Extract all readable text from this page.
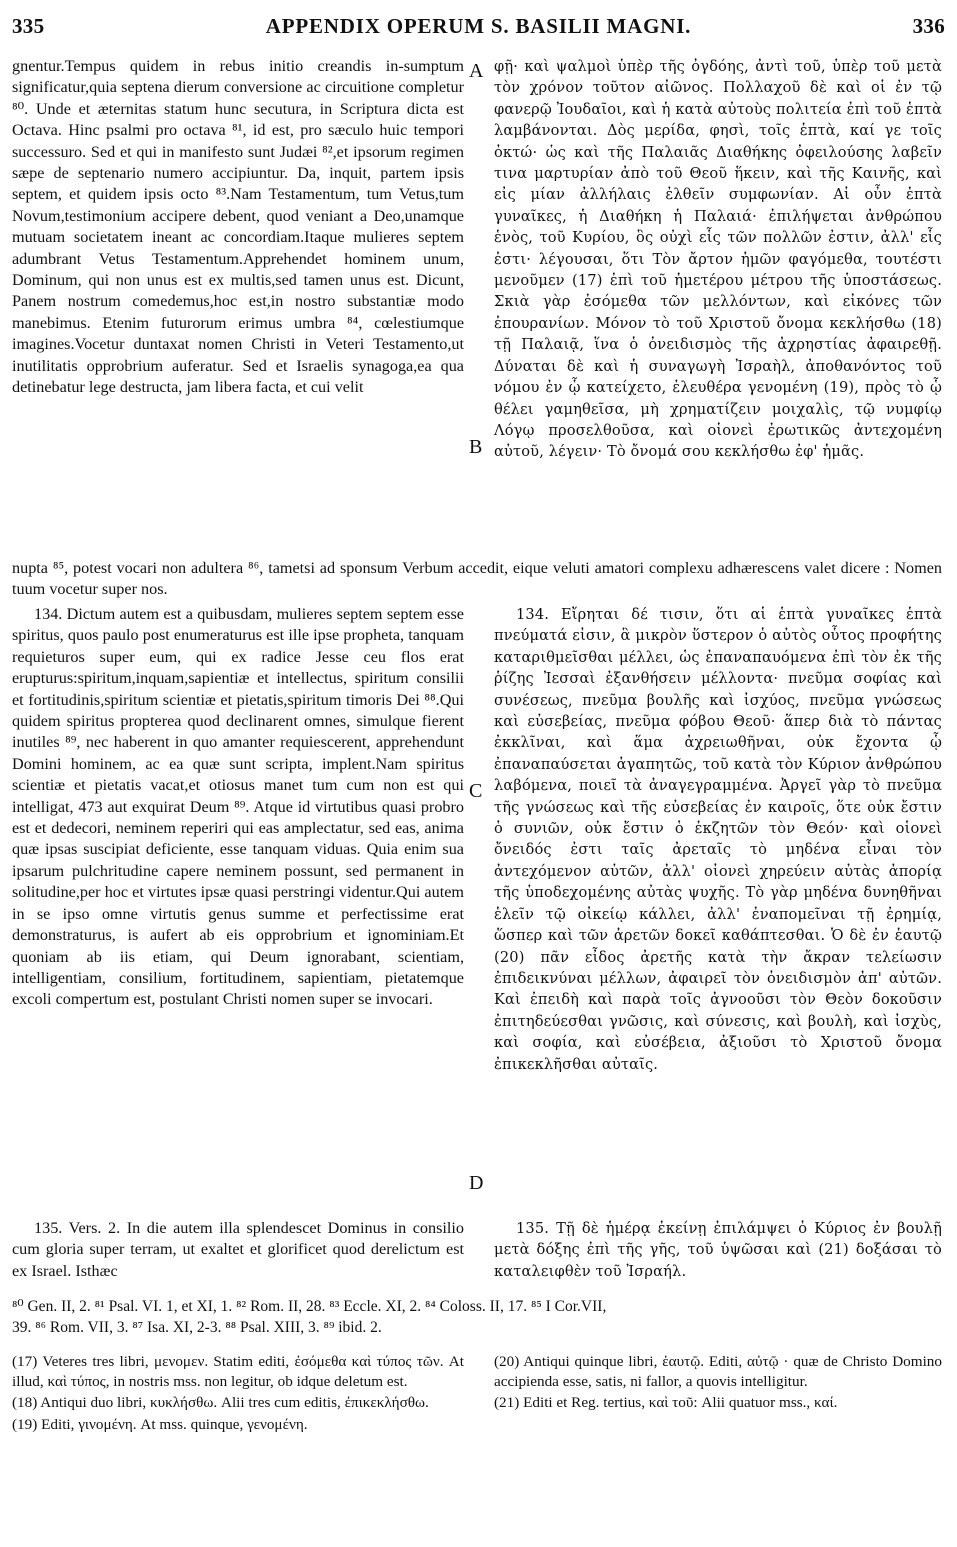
335	APPENDIX OPERUM S. BASILII MAGNI.	336
A
B
C
D

gnentur.Tempus quidem in rebus initio creandis in-sumptum significatur,quia septena dierum conversione ac circuitione completur ⁸⁰. Unde et æternitas statum hunc secutura, in Scriptura dicta est Octava. Hinc psalmi pro octava ⁸¹, id est, pro sæculo huic tempori successuro. Sed et qui in manifesto sunt Judæi ⁸²,et ipsorum regimen sæpe de septenario numero accipiuntur. Da, inquit, partem ipsis septem, et quidem ipsis octo ⁸³.Nam Testamentum, tum Vetus,tum Novum,testimonium accipere debent, quod veniant a Deo,unamque mutuam societatem ineant ac concordiam.Itaque mulieres septem adumbrant Vetus Testamentum.Apprehendet hominem unum, Dominum, qui non unus est ex multis,sed tamen unus est. Dicunt, Panem nostrum comedemus,hoc est,in nostro substantiæ modo manebimus. Etenim futurorum erimus umbra ⁸⁴, cœlestiumque imagines.Vocetur duntaxat nomen Christi in Veteri Testamento,ut inutilitatis opprobrium auferatur. Sed et Israelis synagoga,ea qua detinebatur lege destructa, jam libera facta, et cui velit

φῇ· καὶ ψαλμοὶ ὑπὲρ τῆς ὀγδόης, ἀντὶ τοῦ, ὑπὲρ τοῦ μετὰ τὸν χρόνον τοῦτον αἰῶνος. Πολλαχοῦ δὲ καὶ οἱ ἐν τῷ φανερῷ Ἰουδαῖοι, καὶ ἡ κατὰ αὐτοὺς πολιτεία ἐπὶ τοῦ ἑπτὰ λαμβάνονται. Δὸς μερίδα, φησὶ, τοῖς ἑπτὰ, καί γε τοῖς ὀκτώ· ὡς καὶ τῆς Παλαιᾶς Διαθήκης ὀφειλούσης λαβεῖν τινα μαρτυρίαν ἀπὸ τοῦ Θεοῦ ἥκειν, καὶ τῆς Καινῆς, καὶ εἰς μίαν ἀλλήλαις ἐλθεῖν συμφωνίαν. Αἱ οὖν ἑπτὰ γυναῖκες, ἡ Διαθήκη ἡ Παλαιά· ἐπιλήψεται ἀνθρώπου ἑνὸς, τοῦ Κυρίου, ὃς οὐχὶ εἷς τῶν πολλῶν ἐστιν, ἀλλ' εἷς ἐστι· λέγουσαι, ὅτι Τὸν ἄρτον ἡμῶν φαγόμεθα, τουτέστι μενοῦμεν (17) ἐπὶ τοῦ ἡμετέρου μέτρου τῆς ὑποστάσεως. Σκιὰ γὰρ ἐσόμεθα τῶν μελλόντων, καὶ εἰκόνες τῶν ἐπουρανίων. Μόνον τὸ τοῦ Χριστοῦ ὄνομα κεκλήσθω (18) τῇ Παλαιᾷ, ἵνα ὁ ὀνειδισμὸς τῆς ἀχρηστίας ἀφαιρεθῇ. Δύναται δὲ καὶ ἡ συναγωγὴ Ἰσραὴλ, ἀποθανόντος τοῦ νόμου ἐν ᾧ κατείχετο, ἐλευθέρα γενομένη (19), πρὸς τὸ ᾧ θέλει γαμηθεῖσα, μὴ χρηματίζειν μοιχαλὶς, τῷ νυμφίῳ Λόγῳ προσελθοῦσα, καὶ οἱονεὶ ἐρωτικῶς ἀντεχομένη αὐτοῦ, λέγειν· Τὸ ὄνομά σου κεκλήσθω ἐφ' ἡμᾶς.

nupta ⁸⁵, potest vocari non adultera ⁸⁶, tametsi ad sponsum Verbum accedit, eique veluti amatori complexu adhærescens valet dicere : Nomen tuum vocetur super nos.

134. Dictum autem est a quibusdam, mulieres septem septem esse spiritus, quos paulo post enumeraturus est ille ipse propheta, tanquam requieturos super eum, qui ex radice Jesse ceu flos erat erupturus:spiritum,inquam,sapientiæ et intellectus, spiritum consilii et fortitudinis,spiritum scientiæ et pietatis,spiritum timoris Dei ⁸⁸.Qui quidem spiritus propterea quod declinarent omnes, simulque fierent inutiles ⁸⁹, nec haberent in quo amanter requiescerent, apprehendunt Domini hominem, ac ea quæ sunt scripta, implent.Nam spiritus scientiæ et pietatis vacat,et otiosus manet tum cum non est qui intelligat, 473 aut exquirat Deum ⁸⁹. Atque id virtutibus quasi probro est et dedecori, neminem reperiri qui eas amplectatur, sed eas, anima quæ ipsas suscipiat deficiente, esse tanquam viduas. Quia enim sua ipsarum pulchritudine capere neminem possunt, sed permanent in solitudine,per hoc et virtutes ipsæ quasi perstringi videntur.Qui autem in se ipso omne virtutis genus summe et perfectissime erat demonstraturus, is aufert ab eis opprobrium et ignominiam.Et quoniam ab iis etiam, qui Deum ignorabant, scientiam, intelligentiam, consilium, fortitudinem, sapientiam, pietatemque excoli compertum est, postulant Christi nomen super se invocari.

134. Εἴρηται δέ τισιν, ὅτι αἱ ἑπτὰ γυναῖκες ἑπτὰ πνεύματά εἰσιν, ἃ μικρὸν ὕστερον ὁ αὐτὸς οὗτος προφήτης καταριθμεῖσθαι μέλλει, ὡς ἐπαναπαυόμενα ἐπὶ τὸν ἐκ τῆς ῥίζης Ἰεσσαὶ ἐξανθήσειν μέλλοντα· πνεῦμα σοφίας καὶ συνέσεως, πνεῦμα βουλῆς καὶ ἰσχύος, πνεῦμα γνώσεως καὶ εὐσεβείας, πνεῦμα φόβου Θεοῦ· ἅπερ διὰ τὸ πάντας ἐκκλῖναι, καὶ ἅμα ἀχρειωθῆναι, οὐκ ἔχοντα ᾧ ἐπαναπαύσεται ἀγαπητῶς, τοῦ κατὰ τὸν Κύριον ἀνθρώπου λαβόμενα, ποιεῖ τὰ ἀναγεγραμμένα. Ἀργεῖ γὰρ τὸ πνεῦμα τῆς γνώσεως καὶ τῆς εὐσεβείας ἐν καιροῖς, ὅτε οὐκ ἔστιν ὁ συνιῶν, οὐκ ἔστιν ὁ ἐκζητῶν τὸν Θεόν· καὶ οἱονεὶ ὄνειδός ἐστι ταῖς ἀρεταῖς τὸ μηδένα εἶναι τὸν ἀντεχόμενον αὐτῶν, ἀλλ' οἱονεὶ χηρεύειν αὐτὰς ἀπορίᾳ τῆς ὑποδεχομένης αὐτὰς ψυχῆς. Τὸ γὰρ μηδένα δυνηθῆναι ἑλεῖν τῷ οἰκείῳ κάλλει, ἀλλ' ἐναπομεῖναι τῇ ἐρημίᾳ, ὥσπερ καὶ τῶν ἀρετῶν δοκεῖ καθάπτεσθαι. Ὁ δὲ ἐν ἑαυτῷ (20) πᾶν εἶδος ἀρετῆς κατὰ τὴν ἄκραν τελείωσιν ἐπιδεικνύναι μέλλων, ἀφαιρεῖ τὸν ὀνειδισμὸν ἀπ' αὐτῶν. Καὶ ἐπειδὴ καὶ παρὰ τοῖς ἀγνοοῦσι τὸν Θεὸν δοκοῦσιν ἐπιτηδεύεσθαι γνῶσις, καὶ σύνεσις, καὶ βουλὴ, καὶ ἰσχὺς, καὶ σοφία, καὶ εὐσέβεια, ἀξιοῦσι τὸ Χριστοῦ ὄνομα ἐπικεκλῆσθαι αὐταῖς.

135. Vers. 2. In die autem illa splendescet Dominus in consilio cum gloria super terram, ut exaltet et glorificet quod derelictum est ex Israel. Isthæc

135. Τῇ δὲ ἡμέρᾳ ἐκείνῃ ἐπιλάμψει ὁ Κύριος ἐν βουλῇ μετὰ δόξης ἐπὶ τῆς γῆς, τοῦ ὑψῶσαι καὶ (21) δοξάσαι τὸ καταλειφθὲν τοῦ Ἰσραήλ.

⁸⁰ Gen. II, 2. ⁸¹ Psal. VI. 1, et XI, 1. ⁸² Rom. II, 28. ⁸³ Eccle. XI, 2. ⁸⁴ Coloss. II, 17. ⁸⁵ I Cor.VII,

39. ⁸⁶ Rom. VII, 3. ⁸⁷ Isa. XI, 2-3. ⁸⁸ Psal. XIII, 3. ⁸⁹ ibid. 2.

(17) Veteres tres libri, μενομεν. Statim editi, ἐσόμεθα καὶ τύπος τῶν. At illud, καὶ τύπος, in nostris mss. non legitur, ob idque deletum est.

(18) Antiqui duo libri, κυκλήσθω. Alii tres cum editis, ἐπικεκλήσθω.

(19) Editi, γινομένη. At mss. quinque, γενομένη.

(20) Antiqui quinque libri, ἑαυτῷ. Editi, αὐτῷ · quæ de Christo Domino accipienda esse, satis, ni fallor, a quovis intelligitur.

(21) Editi et Reg. tertius, καὶ τοῦ: Alii quatuor mss., καί.
